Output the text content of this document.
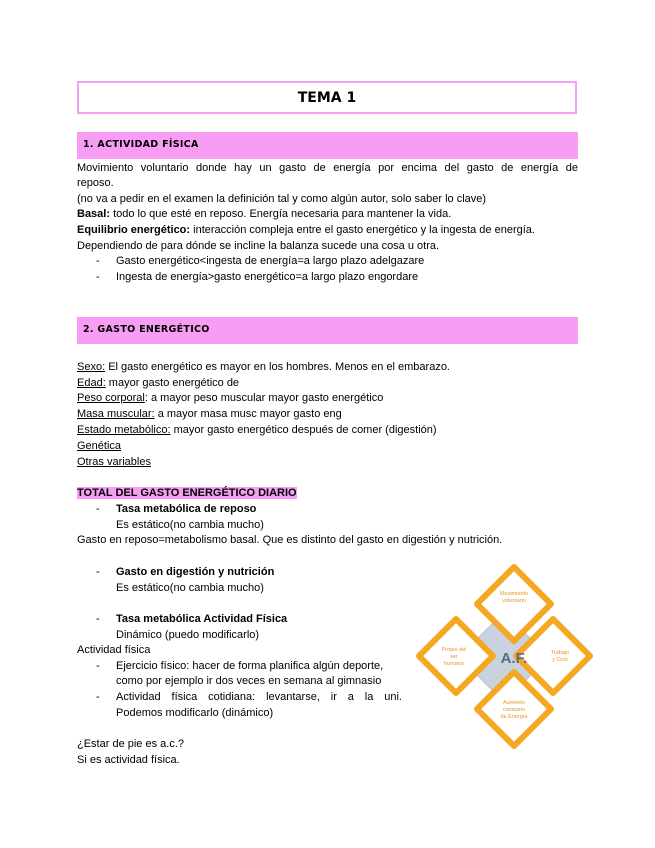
TEMA 1
1. ACTIVIDAD FÍSICA
Movimiento voluntario donde hay un gasto de energía por encima del gasto de energía de
reposo.
(no va a pedir en el examen la definición tal y como algún autor, solo saber lo clave)
Basal: todo lo que esté en reposo. Energía necesaria para mantener la vida.
Equilibrio energético: interacción compleja entre el gasto energético y la ingesta de energía.
Dependiendo de para dónde se incline la balanza sucede una cosa u otra.
- Gasto energético<ingesta de energía=a largo plazo adelgazare
- Ingesta de energía>gasto energético=a largo plazo engordare
2. GASTO ENERGÉTICO
Sexo: El gasto energético es mayor en los hombres. Menos en el embarazo.
Edad: mayor gasto energético de
Peso corporal: a mayor peso muscular mayor gasto energético
Masa muscular: a mayor masa musc mayor gasto eng
Estado metabólico: mayor gasto energético después de comer (digestión)
Genética
Otras variables
TOTAL DEL GASTO ENERGÉTICO DIARIO
- Tasa metabólica de reposo
Es estático(no cambia mucho)
Gasto en reposo=metabolismo basal. Que es distinto del gasto en digestión y nutrición.
- Gasto en digestión y nutrición
Es estático(no cambia mucho)
- Tasa metabólica Actividad Física
Dinámico (puedo modificarlo)
Actividad física
- Ejercicio físico: hacer de forma planifica algún deporte,
como por ejemplo ir dos veces en semana al gimnasio
- Actividad física cotidiana: levantarse, ir a la uni.
Podemos modificarlo (dinámico)
¿Estar de pie es a.c.?
Si es actividad física.
A.F.
Movimiento voluntario
Propio del ser humano
Trabajo y Ocio
Aumento consumo de Energía
